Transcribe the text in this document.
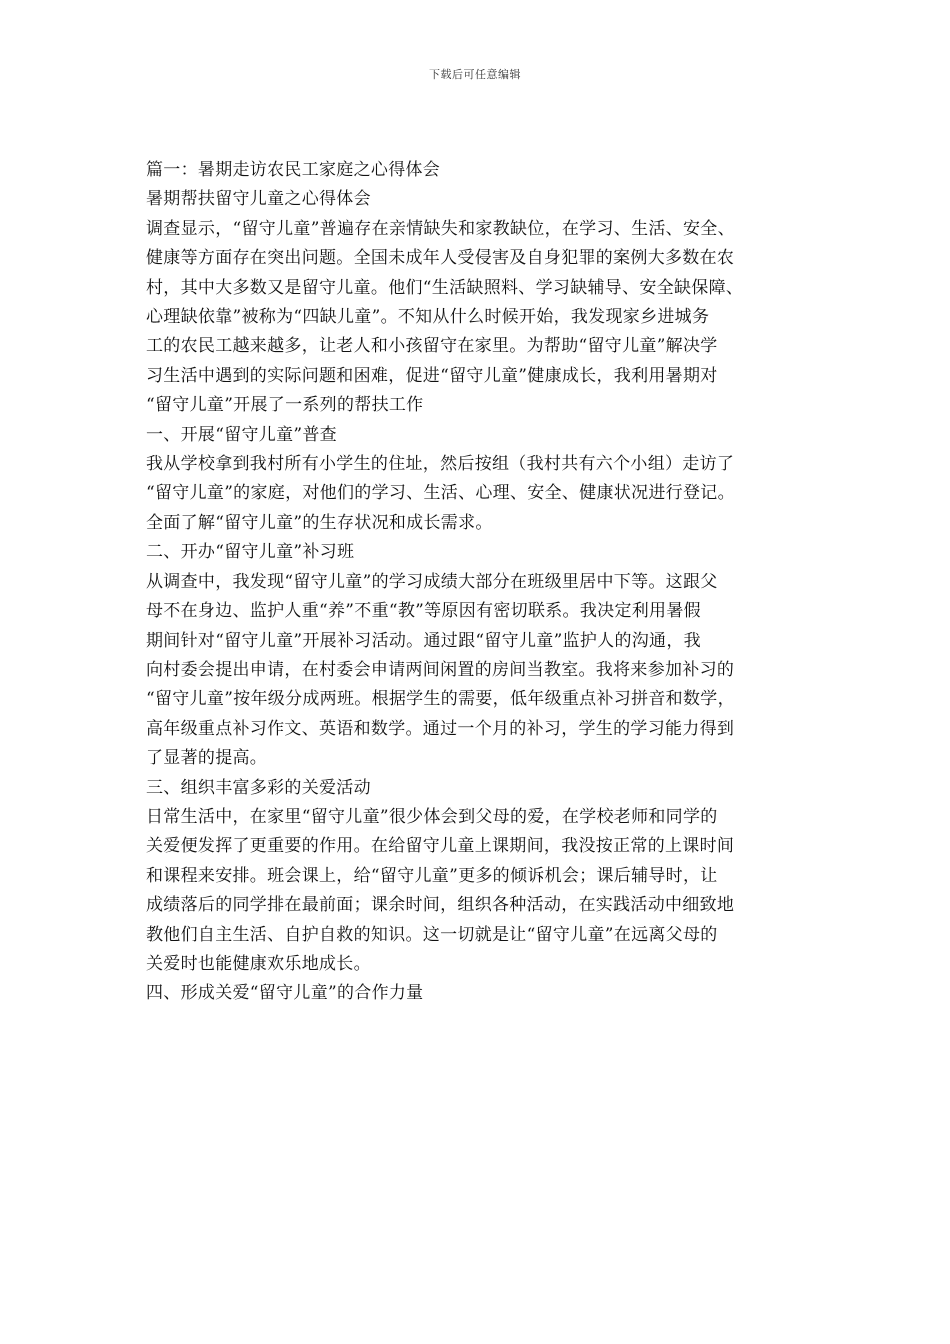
下载后可任意编辑
篇一：暑期走访农民工家庭之心得体会
暑期帮扶留守儿童之心得体会
调查显示，“留守儿童”普遍存在亲情缺失和家教缺位，在学习、生活、安全、
健康等方面存在突出问题。全国未成年人受侵害及自身犯罪的案例大多数在农
村，其中大多数又是留守儿童。他们“生活缺照料、学习缺辅导、安全缺保障、
心理缺依靠”被称为“四缺儿童”。不知从什么时候开始，我发现家乡进城务
工的农民工越来越多，让老人和小孩留守在家里。为帮助“留守儿童”解决学
习生活中遇到的实际问题和困难，促进“留守儿童”健康成长，我利用暑期对
“留守儿童”开展了一系列的帮扶工作
一、开展“留守儿童”普查
我从学校拿到我村所有小学生的住址，然后按组（我村共有六个小组）走访了
“留守儿童”的家庭，对他们的学习、生活、心理、安全、健康状况进行登记。
全面了解“留守儿童”的生存状况和成长需求。
二、开办“留守儿童”补习班
从调查中，我发现“留守儿童”的学习成绩大部分在班级里居中下等。这跟父
母不在身边、监护人重“养”不重“教”等原因有密切联系。我决定利用暑假
期间针对“留守儿童”开展补习活动。通过跟“留守儿童”监护人的沟通，我
向村委会提出申请，在村委会申请两间闲置的房间当教室。我将来参加补习的
“留守儿童”按年级分成两班。根据学生的需要，低年级重点补习拼音和数学，
高年级重点补习作文、英语和数学。通过一个月的补习，学生的学习能力得到
了显著的提高。
三、组织丰富多彩的关爱活动
日常生活中，在家里“留守儿童”很少体会到父母的爱，在学校老师和同学的
关爱便发挥了更重要的作用。在给留守儿童上课期间，我没按正常的上课时间
和课程来安排。班会课上，给“留守儿童”更多的倾诉机会；课后辅导时，让
成绩落后的同学排在最前面；课余时间，组织各种活动，在实践活动中细致地
教他们自主生活、自护自救的知识。这一切就是让“留守儿童”在远离父母的
关爱时也能健康欢乐地成长。
四、形成关爱“留守儿童”的合作力量
